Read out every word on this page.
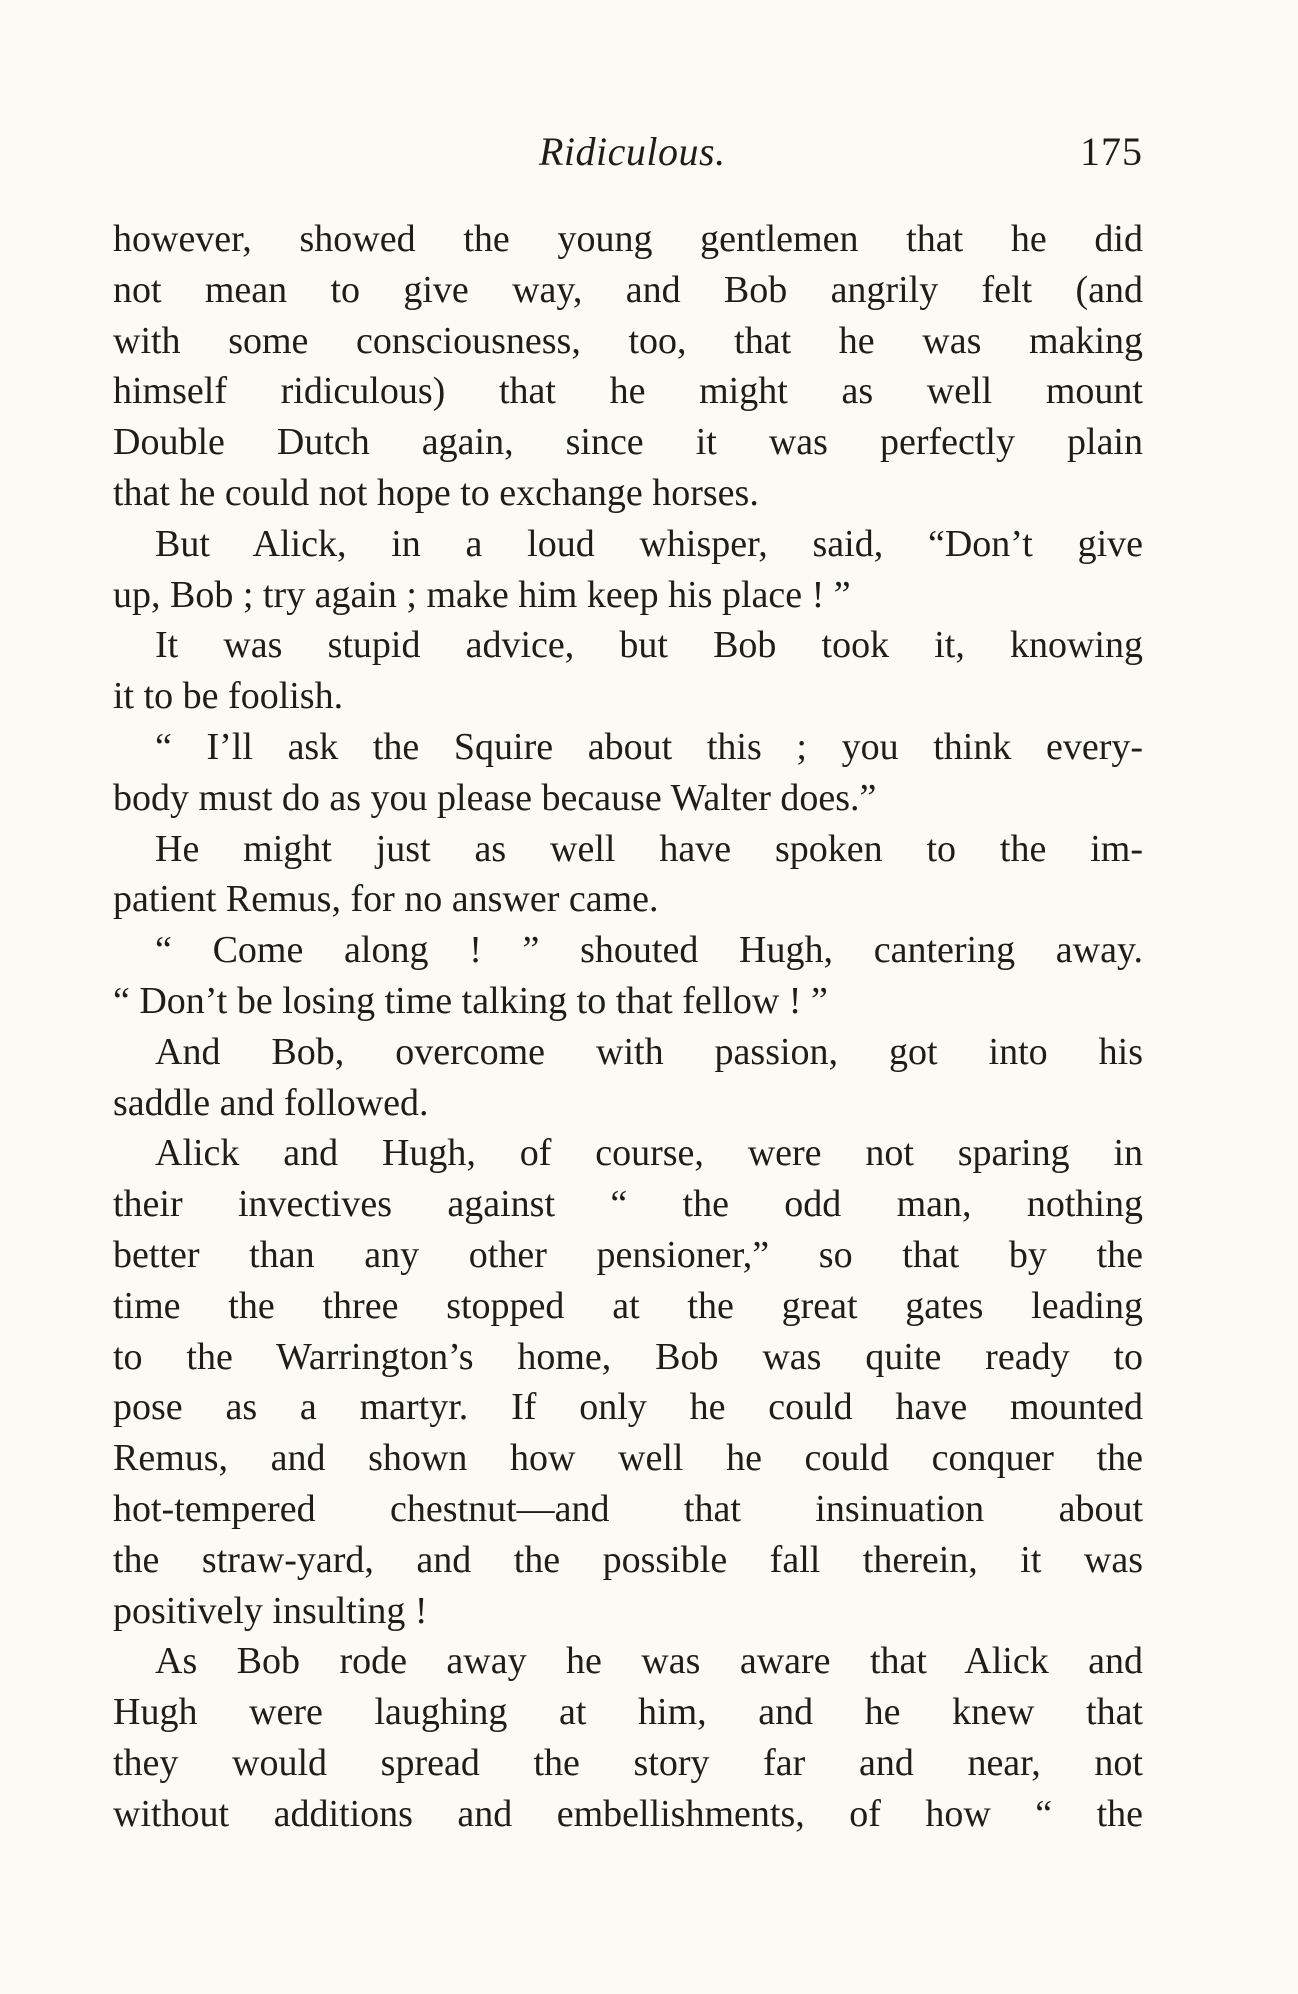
Ridiculous.	175
however, showed the young gentlemen that he did
not mean to give way, and Bob angrily felt (and
with some consciousness, too, that he was making
himself ridiculous) that he might as well mount
Double Dutch again, since it was perfectly plain
that he could not hope to exchange horses.
But Alick, in a loud whisper, said, “Don’t give
up, Bob ; try again ; make him keep his place ! ”
It was stupid advice, but Bob took it, knowing
it to be foolish.
“ I’ll ask the Squire about this ; you think every-
body must do as you please because Walter does.”
He might just as well have spoken to the im-
patient Remus, for no answer came.
“ Come along ! ” shouted Hugh, cantering away.
“ Don’t be losing time talking to that fellow ! ”
And Bob, overcome with passion, got into his
saddle and followed.
Alick and Hugh, of course, were not sparing in
their invectives against “ the odd man, nothing
better than any other pensioner,” so that by the
time the three stopped at the great gates leading
to the Warrington’s home, Bob was quite ready to
pose as a martyr. If only he could have mounted
Remus, and shown how well he could conquer the
hot-tempered chestnut—and that insinuation about
the straw-yard, and the possible fall therein, it was
positively insulting !
As Bob rode away he was aware that Alick and
Hugh were laughing at him, and he knew that
they would spread the story far and near, not
without additions and embellishments, of how “ the
